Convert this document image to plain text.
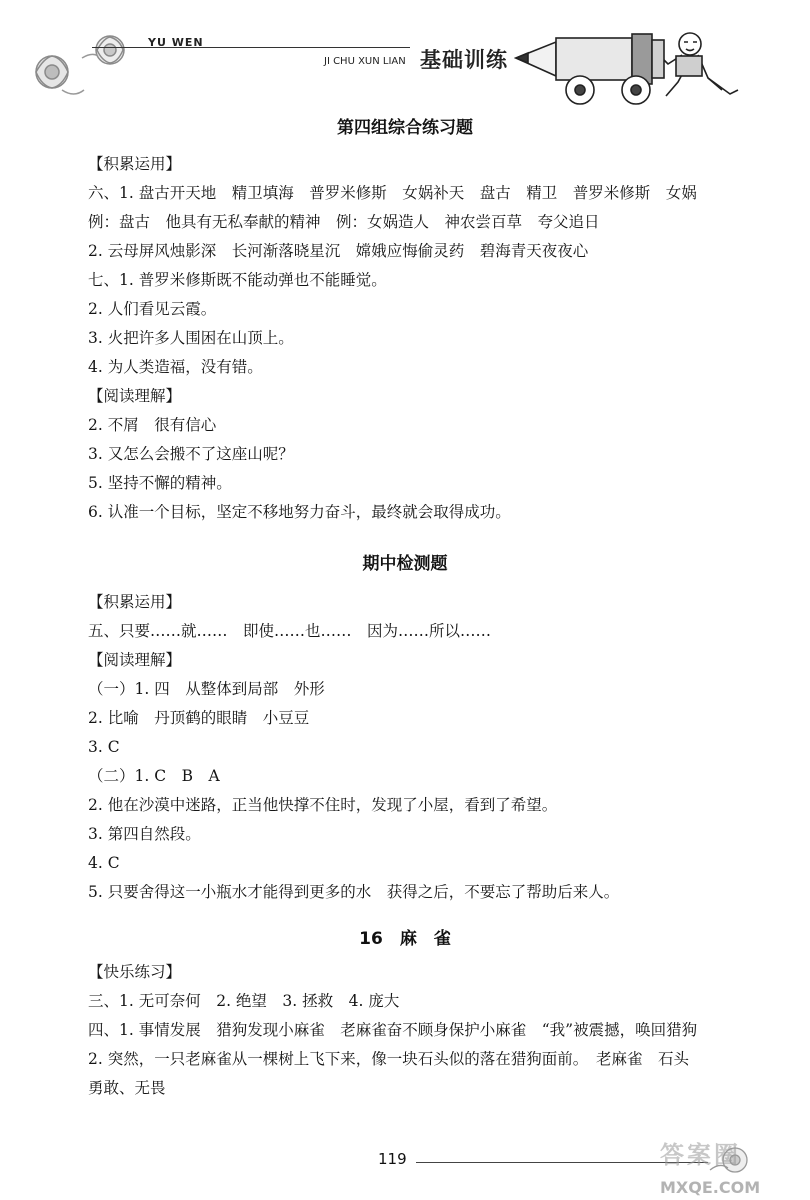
YU WEN
JI CHU XUN LIAN 基础训练
第四组综合练习题
【积累运用】
六、1. 盘古开天地　精卫填海　普罗米修斯　女娲补天　盘古　精卫　普罗米修斯　女娲
例：盘古　他具有无私奉献的精神　例：女娲造人　神农尝百草　夸父追日
2. 云母屏风烛影深　长河渐落晓星沉　嫦娥应悔偷灵药　碧海青天夜夜心
七、1. 普罗米修斯既不能动弹也不能睡觉。
2. 人们看见云霞。
3. 火把许多人围困在山顶上。
4. 为人类造福，没有错。
【阅读理解】
2. 不屑　很有信心
3. 又怎么会搬不了这座山呢？
5. 坚持不懈的精神。
6. 认准一个目标，坚定不移地努力奋斗，最终就会取得成功。
期中检测题
【积累运用】
五、只要……就……　即使……也……　因为……所以……
【阅读理解】
（一）1. 四　从整体到局部　外形
2. 比喻　丹顶鹤的眼睛　小豆豆
3. C
（二）1. C　B　A
2. 他在沙漠中迷路，正当他快撑不住时，发现了小屋，看到了希望。
3. 第四自然段。
4. C
5. 只要舍得这一小瓶水才能得到更多的水　获得之后，不要忘了帮助后来人。
16　麻　雀
【快乐练习】
三、1. 无可奈何　2. 绝望　3. 拯救　4. 庞大
四、1. 事情发展　猎狗发现小麻雀　老麻雀奋不顾身保护小麻雀　“我”被震撼，唤回猎狗
2. 突然，一只老麻雀从一棵树上飞下来，像一块石头似的落在猎狗面前。　老麻雀　石头
勇敢、无畏
119	答案圈
MXQE.COM
